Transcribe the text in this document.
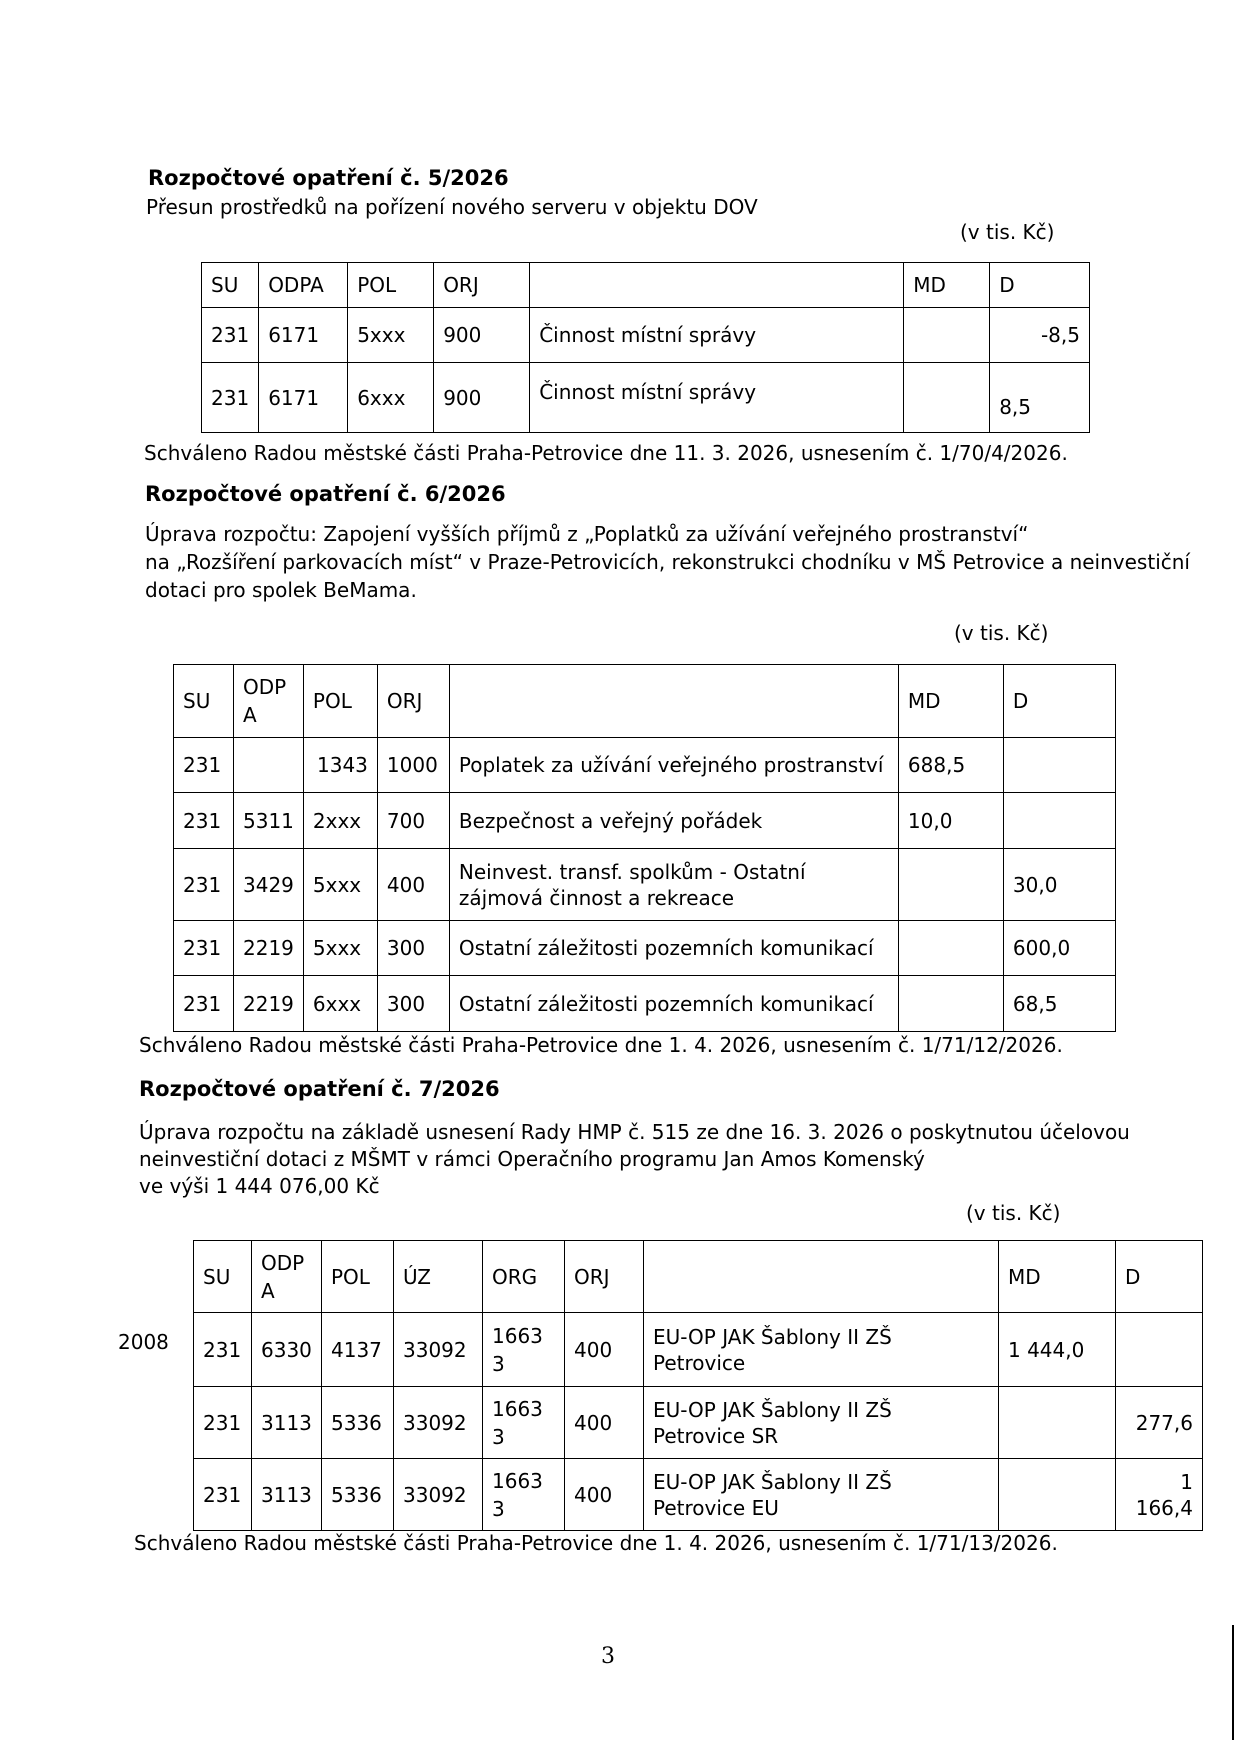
Rozpočtové opatření č. 5/2026
Přesun prostředků na pořízení nového serveru v objektu DOV
(v tis. Kč)
SU	ODPA	POL	ORJ		MD	D
231	6171	5xxx	900	Činnost místní správy		-8,5
231	6171	6xxx	900	Činnost místní správy		8,5
Schváleno Radou městské části Praha-Petrovice dne 11. 3. 2026, usnesením č. 1/70/4/2026.
Rozpočtové opatření č. 6/2026
Úprava rozpočtu: Zapojení vyšších příjmů z „Poplatků za užívání veřejného prostranství“
na „Rozšíření parkovacích míst“ v Praze-Petrovicích, rekonstrukci chodníku v MŠ Petrovice a neinvestiční
dotaci pro spolek BeMama.
(v tis. Kč)
SU	ODP A	POL	ORJ		MD	D
231		1343	1000	Poplatek za užívání veřejného prostranství	688,5	
231	5311	2xxx	700	Bezpečnost a veřejný pořádek	10,0	
231	3429	5xxx	400	Neinvest. transf. spolkům - Ostatní zájmová činnost a rekreace		30,0
231	2219	5xxx	300	Ostatní záležitosti pozemních komunikací		600,0
231	2219	6xxx	300	Ostatní záležitosti pozemních komunikací		68,5
Schváleno Radou městské části Praha-Petrovice dne 1. 4. 2026, usnesením č. 1/71/12/2026.
Rozpočtové opatření č. 7/2026
Úprava rozpočtu na základě usnesení Rady HMP č. 515 ze dne 16. 3. 2026 o poskytnutou účelovou
neinvestiční dotaci z MŠMT v rámci Operačního programu Jan Amos Komenský
ve výši 1 444 076,00 Kč
(v tis. Kč)
2008
SU	ODP A	POL	ÚZ	ORG	ORJ		MD	D
231	6330	4137	33092	1663 3	400	EU-OP JAK Šablony II ZŠ Petrovice	1 444,0	
231	3113	5336	33092	1663 3	400	EU-OP JAK Šablony II ZŠ Petrovice SR		277,6
231	3113	5336	33092	1663 3	400	EU-OP JAK Šablony II ZŠ Petrovice EU		1 166,4
Schváleno Radou městské části Praha-Petrovice dne 1. 4. 2026, usnesením č. 1/71/13/2026.
3
